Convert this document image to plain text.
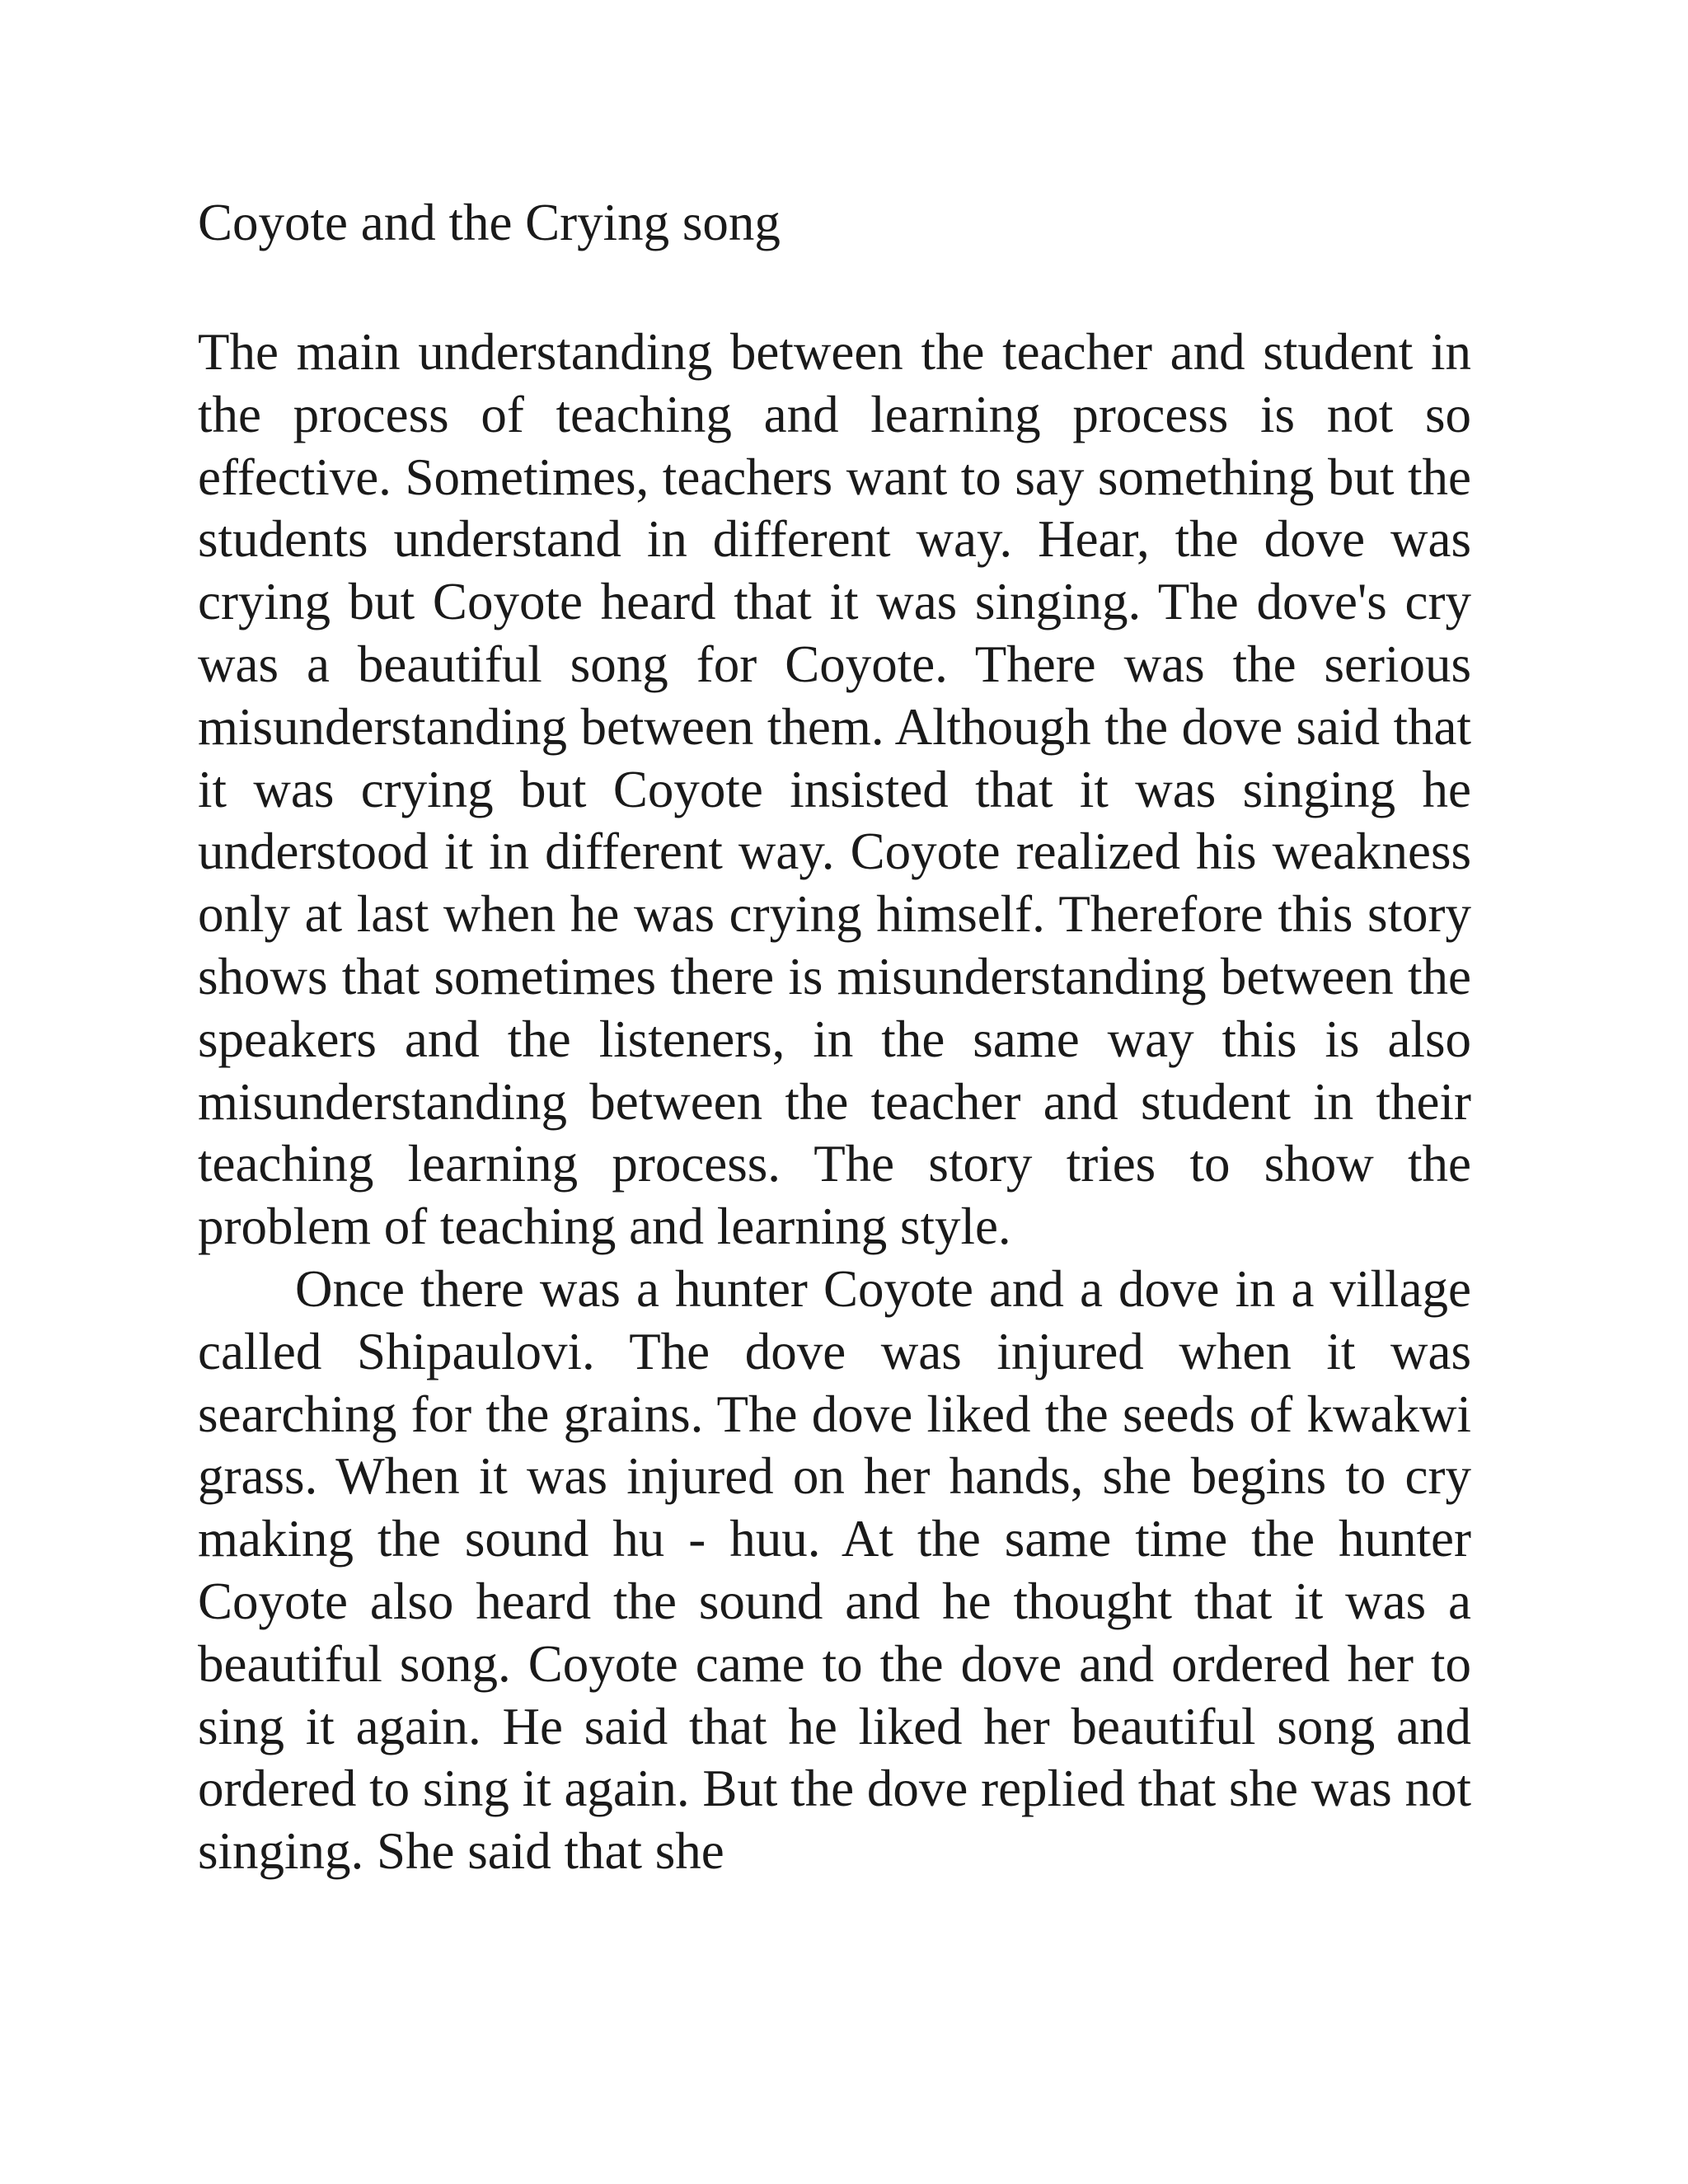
Coyote and the Crying song

The main understanding between the teacher and student in the process of teaching and learning process is not so effective. Sometimes, teachers want to say something but the students understand in different way. Hear, the dove was crying but Coyote heard that it was singing. The dove's cry was a beautiful song for Coyote. There was the serious misunderstanding between them. Although the dove said that it was crying but Coyote insisted that it was singing he understood it in different way. Coyote realized his weakness only at last when he was crying himself. Therefore this story shows that sometimes there is misunderstanding between the speakers and the listeners, in the same way this is also misunderstanding between the teacher and student in their teaching learning process. The story tries to show the problem of teaching and learning style.

Once there was a hunter Coyote and a dove in a village called Shipaulovi. The dove was injured when it was searching for the grains. The dove liked the seeds of kwakwi grass. When it was injured on her hands, she begins to cry making the sound hu - huu. At the same time the hunter Coyote also heard the sound and he thought that it was a beautiful song. Coyote came to the dove and ordered her to sing it again. He said that he liked her beautiful song and ordered to sing it again. But the dove replied that she was not singing. She said that she
